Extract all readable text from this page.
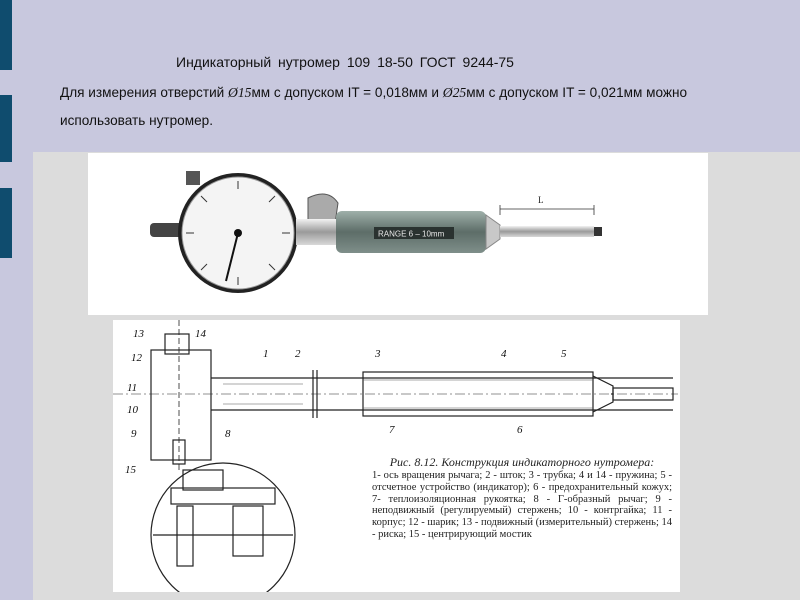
Индикаторный нутромер 109 18-50 ГОСТ 9244-75
Для измерения отверстий Ø15мм с допуском IT = 0,018мм и Ø25мм с допуском IT = 0,021мм можно использовать нутромер.
RANGE 6 – 10mm
L
13	14
12	1 2	3	4	5
11
10
9	8	7	6
15
Рис. 8.12. Конструкция индикаторного нутромера:

1- ось вращения рычага; 2 - шток; 3 - трубка; 4 и 14 - пружина; 5 - отсчетное устройство (индикатор); 6 - предохранительный кожух; 7- теплоизоляционная рукоятка; 8 - Г-образный рычаг; 9 - неподвижный (регулируемый) стержень; 10 - контргайка; 11 - корпус; 12 - шарик; 13 - подвижный (измерительный) стержень; 14 - риска; 15 - центрирующий мостик
